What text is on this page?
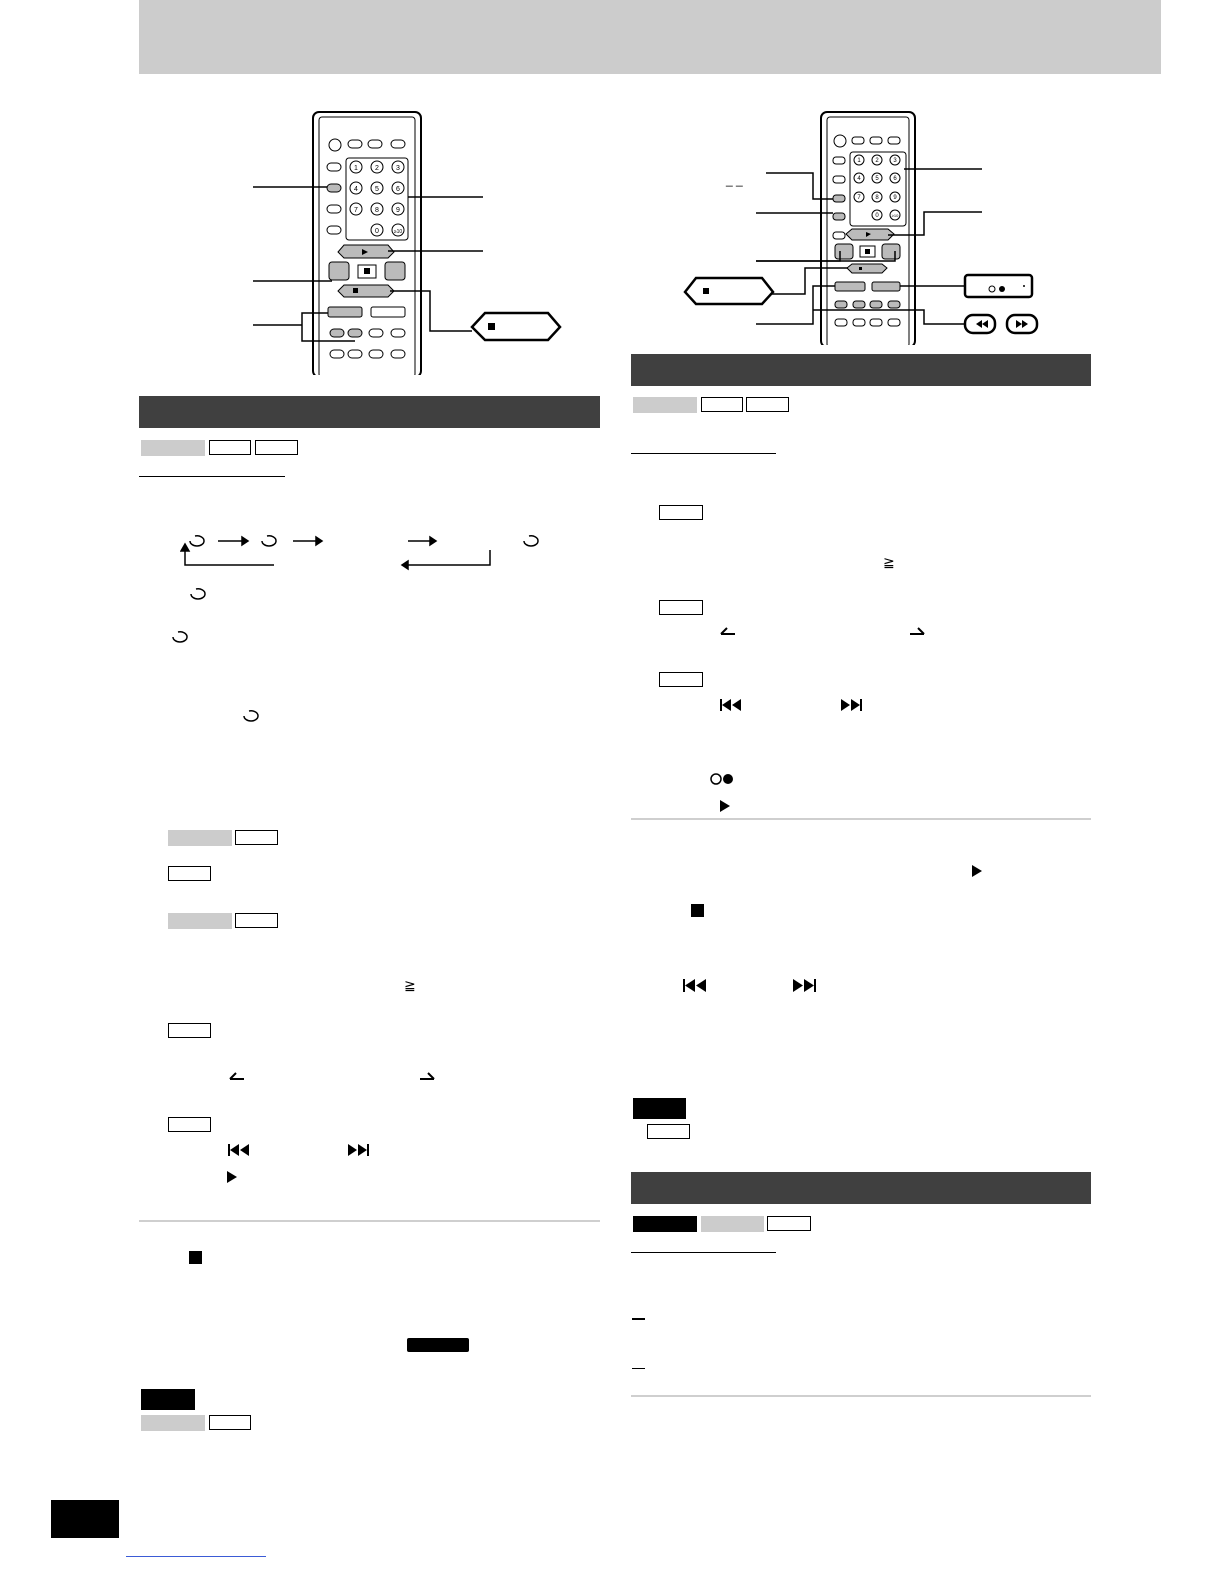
1 2 3
4 5 6
7 8 9
0	≥10
1 2 3
4 5 6
7 8 9
0	≥10
_ _
≧
≧
